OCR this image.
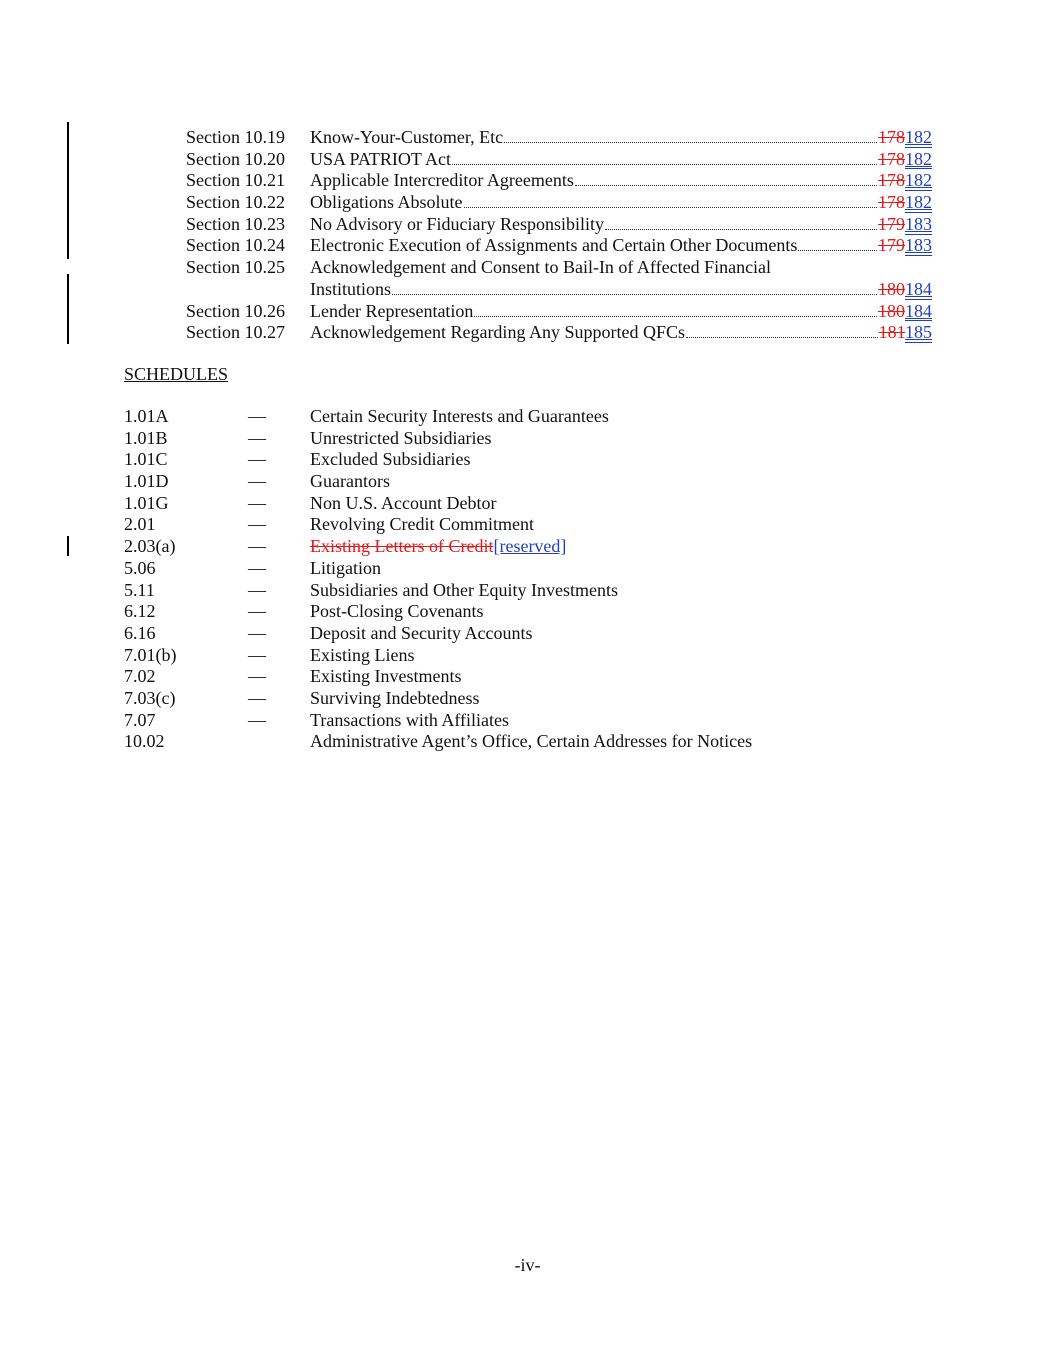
Section 10.19	Know-Your-Customer, Etc	178182
Section 10.20	USA PATRIOT Act	178182
Section 10.21	Applicable Intercreditor Agreements	178182
Section 10.22	Obligations Absolute	178182
Section 10.23	No Advisory or Fiduciary Responsibility	179183
Section 10.24	Electronic Execution of Assignments and Certain Other Documents	179183
Section 10.25	Acknowledgement and Consent to Bail-In of Affected Financial
Institutions	180184
Section 10.26	Lender Representation	180184
Section 10.27	Acknowledgement Regarding Any Supported QFCs	181185
SCHEDULES
1.01A	—	Certain Security Interests and Guarantees
1.01B	—	Unrestricted Subsidiaries
1.01C	—	Excluded Subsidiaries
1.01D	—	Guarantors
1.01G	—	Non U.S. Account Debtor
2.01	—	Revolving Credit Commitment
2.03(a)	—	Existing Letters of Credit[reserved]
5.06	—	Litigation
5.11	—	Subsidiaries and Other Equity Investments
6.12	—	Post-Closing Covenants
6.16	—	Deposit and Security Accounts
7.01(b)	—	Existing Liens
7.02	—	Existing Investments
7.03(c)	—	Surviving Indebtedness
7.07	—	Transactions with Affiliates
10.02	Administrative Agent’s Office, Certain Addresses for Notices
-iv-
